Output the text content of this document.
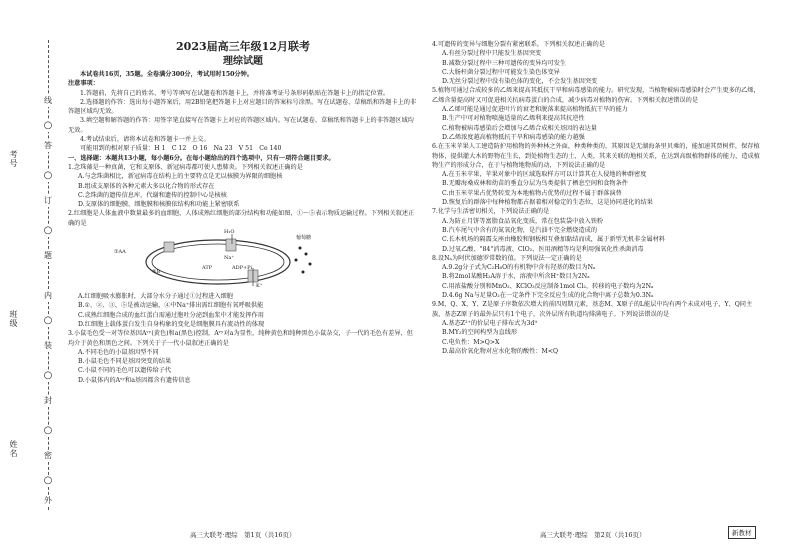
考号
班级
姓名
线
○
答
○
订
○
题
内
○
装
○
封
○
密
○
外

2023届高三年级12月联考

理综试题

本试卷共16页，35题。全卷满分300分，考试用时150分钟。

注意事项：

1.答题前，先将自己的姓名、考号等填写在试题卷和答题卡上，并将准考证号条形码粘贴在答题卡上的指定位置。

2.选择题的作答：选出每小题答案后，用2B铅笔把答题卡上对应题目的答案标号涂黑。写在试题卷、草稿纸和答题卡上的非答题区域均无效。

3.填空题和解答题的作答：用签字笔直接写在答题卡上对应的答题区域内。写在试题卷、草稿纸和答题卡上的非答题区域均无效。

4.考试结束后，请将本试卷和答题卡一并上交。

可能用到的相对原子质量：H 1　C 12　O 16　Na 23　V 51　Ce 140

一、选择题：本题共13小题，每小题6分。在每小题给出的四个选项中，只有一项符合题目要求。

1.念珠藻是一种真菌，它和支原体、新冠病毒都可使人患肺炎。下列相关叙述正确的是

A.与念珠菌相比，新冠病毒在结构上的主要特点是无以核膜为界限的细胞核

B.组成支原体的各种元素大多以化合物的形式存在

C.念珠菌的遗传信息库，代谢和遗传的控制中心是核核

D.支原体的细胞膜、细胞膜和核膜依结构和功能上紧密联系

2.红细胞是人体血液中数量最多的血细胞，人体成熟红细胞的部分结构和功能如图，①～⑤表示物质运输过程。下列相关叙述正确的是

H₂O
葡萄糖
Na⁺
K⁺
ATP	ADP+Pi
①AA
⑤B

A.红细胞吸水膨胀时，大部分水分子通过①过程进入细胞

B.①、②、③、⑤是被动运输，④中Na⁺排出需红细胞有氧呼吸供能

C.成熟红细胞合成的血红蛋白需通过胞吐分泌到血浆中才能发挥作用

D.红细胞上载体蛋白发生自身构象的变化是细胞膜具有流动性的体现

3.小鼠毛色受一对等位基因Aᵛʸ(黄色)和a(黑色)控制，Aᵛʸ对a为显性，纯种黄色和纯种黑色小鼠杂交，子一代的毛色有差异，但均介于黄色和黑色之间。下列关于子一代小鼠叙述正确的是

A.不同毛色的小鼠基因型不同

B.小鼠毛色不同是基因突变的结果

C.小鼠不同的毛色可以遗传给子代

D.小鼠体内的Aᵛʸ和a基因都含有遗传信息

4.可遗传的变异与细胞分裂有紧密联系，下列相关叙述正确的是

A.有丝分裂过程中只能发生基因突变

B.减数分裂过程中三种可遗传的变异均可发生

C.大肠杆菌分裂过程中可能发生染色体变异

D.无丝分裂过程中没有染色体的变化，不会发生基因突变

5.植物可通过合成较多的乙烯来提高其抵抗干旱和病毒感染的能力。研究发现，当植物被病毒感染时会产生更多的乙烯，乙烯含量提高时又可促进相关抗病毒蛋白的合成，减少病毒对植物的伤害。下列相关叙述错误的是

A.乙烯可能是通过促进叶片的衰老和脱落来提高植物抵抗干旱的能力

B.生产中可对植物喷施适量的乙烯利来提高其抗逆性

C.植物被病毒感染后会增加与乙烯合成相关基因的表达量

D.乙烯浓度越高植物抵抗干旱和病毒感染的能力越强

6.在玉米苹果人工建造防护用植物的外种林之外面，种类种类的，其原因是无湖海条里贝乘的，能加速其贾树拌，保存植物体，提供灌大木的野物在生长，到处植物生态的土，人类，其来关联的地相关系，在达到高级植物群体的能力，造成植物生产的形成分合，在于与植物地物质的动，下列说法正确的是

A.在玉米苹果，苹果对象中的区域选取样方可以计算其在人侵地的种群密度

B.无瓣海桑成林和幼苗的垂直分层为鸟类提供了栖息空间和食物条件

C.由玉米苹果占优势转变为本地植物占优势的过程不属于群落演替

D.恢复后的群落中每种植物都占据着相对稳定的生态位，这是协同进化的结果

7.化学与生活密切相关，下列说法正确的是

A.为防止月饼等富脂食品氧化变质，常在包装袋中放入铁粉

B.汽车尾气中含有的氮氧化物，是汽油不完全燃烧造成的

C.长木机场的隔震支座由橡胶和钢板相互叠加黏结而成，属于新型无机非金属材料

D.过氧乙酸、"84"消毒液、ClO₂、医用酒精等均是利用强氧化性杀菌消毒

8.设Nₐ为阿伏加德罗常数的值。下列说法一定正确的是

A.9.2g分子式为C₂H₆O的有机物中含有羟基的数目为Nₐ

B.将2mol某酸H₂A溶于水，溶液中所含H⁺数目为2Nₐ

C.用浓盐酸分别和MnO₂、KClO₃反应制备1mol Cl₂，转移的电子数均为2Nₐ

D.4.6g Na与足量O₂在一定条件下完全反应生成的化合物中离子总数为0.3Nₐ

9.M、Q、X、Y、Z是原子序数依次增大的前四周期元素，基态M、X原子的L能层中均有两个未成对电子，Y、Q同主族，基态Z原子的最外层只有1个电子，次外层所有轨道均排满电子。下列说法错误的是

A.基态Z²⁺的价层电子排布式为3d⁹

B.MY₂的空间构型为直线形

C.电负性：M>Q>X

D.最高价氧化物对应水化物的酸性：M<Q

高三大联考·理综　第1页（共16页）	高三大联考·理综　第2页（共16页）	新教材
